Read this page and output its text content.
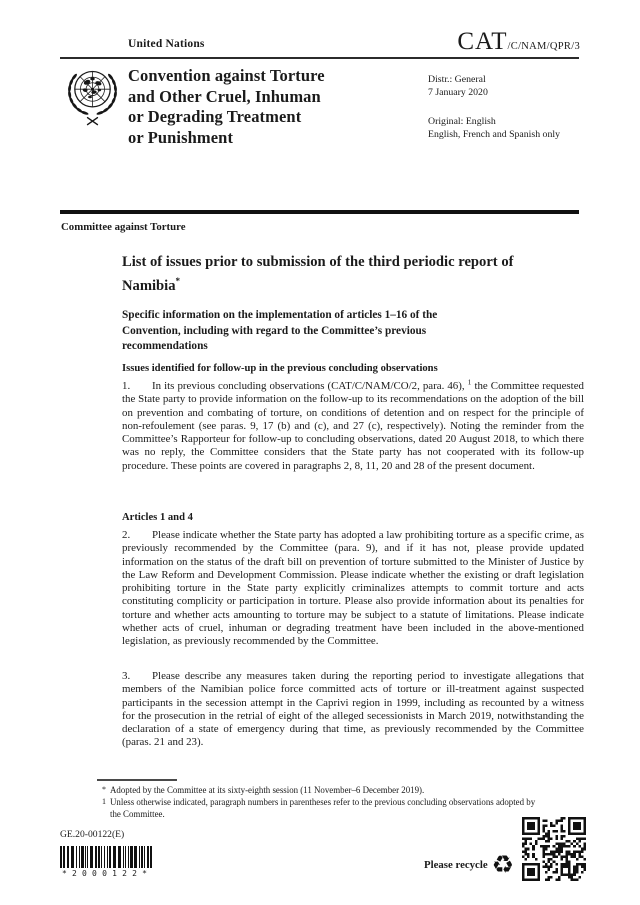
United Nations	CAT /C/NAM/QPR/3
Convention against Torture
and Other Cruel, Inhuman
or Degrading Treatment
or Punishment
Distr.: General
7 January 2020
Original: English
English, French and Spanish only
Committee against Torture
List of issues prior to submission of the third periodic report of Namibia*
Specific information on the implementation of articles 1–16 of the Convention, including with regard to the Committee’s previous recommendations
Issues identified for follow-up in the previous concluding observations

1. In its previous concluding observations (CAT/C/NAM/CO/2, para. 46), $^1$ the Committee requested the State party to provide information on the follow-up to its recommendations on the adoption of the bill on prevention and combating of torture, on conditions of detention and on respect for the principle of non-refoulement (see paras. 9, 17 (b) and (c), and 27 (c), respectively). Noting the reminder from the Committee’s Rapporteur for follow-up to concluding observations, dated 20 August 2018, to which there was no reply, the Committee considers that the State party has not cooperated with its follow-up procedure. These points are covered in paragraphs 2, 8, 11, 20 and 28 of the present document.

Articles 1 and 4

2. Please indicate whether the State party has adopted a law prohibiting torture as a specific crime, as previously recommended by the Committee (para. 9), and if it has not, please provide updated information on the status of the draft bill on prevention of torture submitted to the Minister of Justice by the Law Reform and Development Commission. Please indicate whether the existing or draft legislation prohibiting torture in the State party explicitly criminalizes attempts to commit torture and acts constituting complicity or participation in torture. Please also provide information about its penalties for torture and whether acts amounting to torture may be subject to a statute of limitations. Please indicate whether acts of cruel, inhuman or degrading treatment have been included in the above-mentioned legislation, as previously recommended by the Committee.

3. Please describe any measures taken during the reporting period to investigate allegations that members of the Namibian police force committed acts of torture or ill-treatment against suspected participants in the secession attempt in the Caprivi region in 1999, including as recounted by a witness for the prosecution in the retrial of eight of the alleged secessionists in March 2019, notwithstanding the declaration of a state of emergency during that time, as previously recommended by the Committee (paras. 21 and 23).

* Adopted by the Committee at its sixty-eighth session (11 November–6 December 2019).
1 Unless otherwise indicated, paragraph numbers in parentheses refer to the previous concluding observations adopted by the Committee.
GE.20-00122(E)
*2000122*
Please recycle ♻
